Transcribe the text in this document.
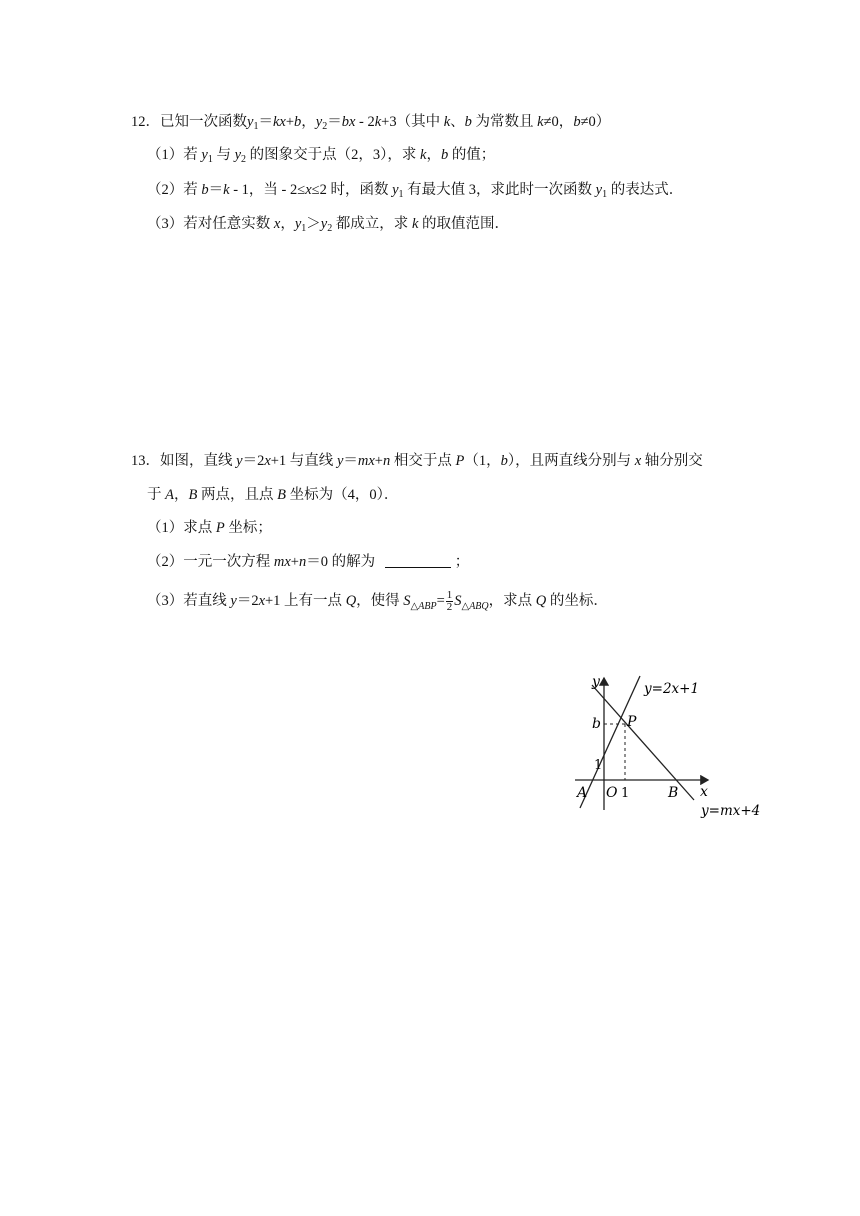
12．已知一次函数$y_1=kx+b$，$y_2=bx - 2k+3$（其中 k、b 为常数且 k≠0，b≠0）
（1）若 $y_1$ 与 $y_2$ 的图象交于点（2，3），求 k，b 的值；
（2）若 b＝k - 1，当 - 2≤x≤2 时，函数 $y_1$ 有最大值 3，求此时一次函数 $y_1$ 的表达式．
（3）若对任意实数 x，$y_1>y_2$ 都成立，求 k 的取值范围．
13．如图，直线 y＝2x+1 与直线 y＝mx+n 相交于点 P（1，b），且两直线分别与 x 轴分别交
于 A，B 两点，且点 B 坐标为（4，0）．
（1）求点 P 坐标；
（2）一元一次方程 mx+n＝0 的解为	；
（3）若直线 y＝2x+1 上有一点 Q，使得 $S_{\triangle ABP}= \frac{1}{2} S_{\triangle ABQ}$，求点 Q 的坐标．
y
x
b
1
P
A O 1	B
y=2x+1
y=mx+4
